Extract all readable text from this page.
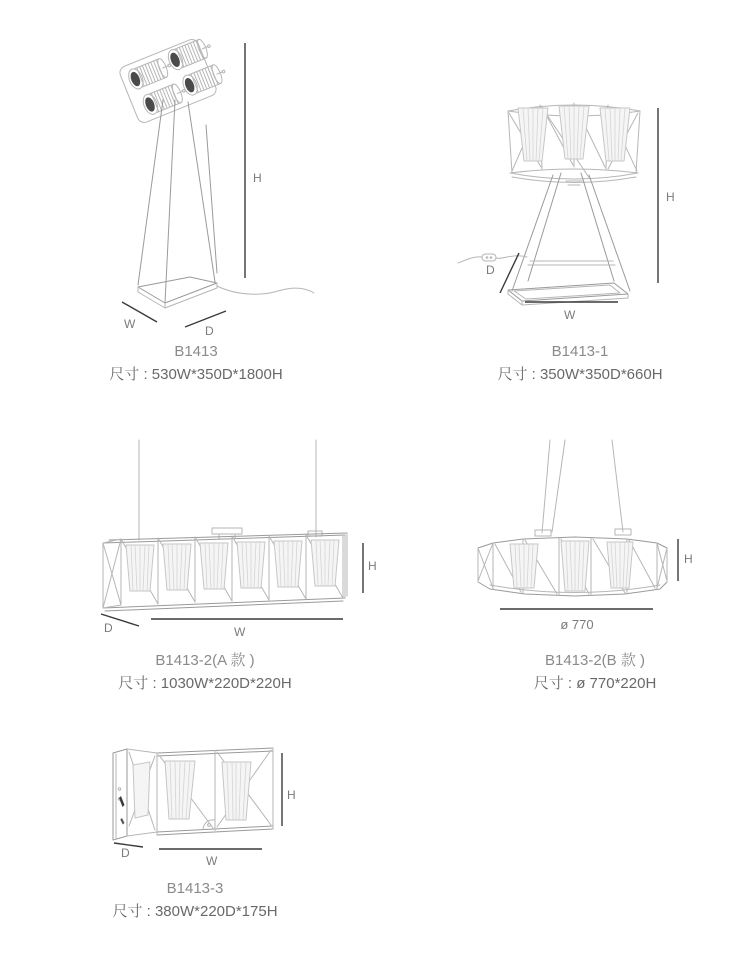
H
W	D
B1413
尺寸 : 530W*350D*1800H
H
D
W
B1413-1
尺寸 : 350W*350D*660H
H
D	W
B1413-2(A 款 )
尺寸 : 1030W*220D*220H
H
ø 770
B1413-2(B 款 )
尺寸 : ø 770*220H
H
D
W
B1413-3
尺寸 : 380W*220D*175H
